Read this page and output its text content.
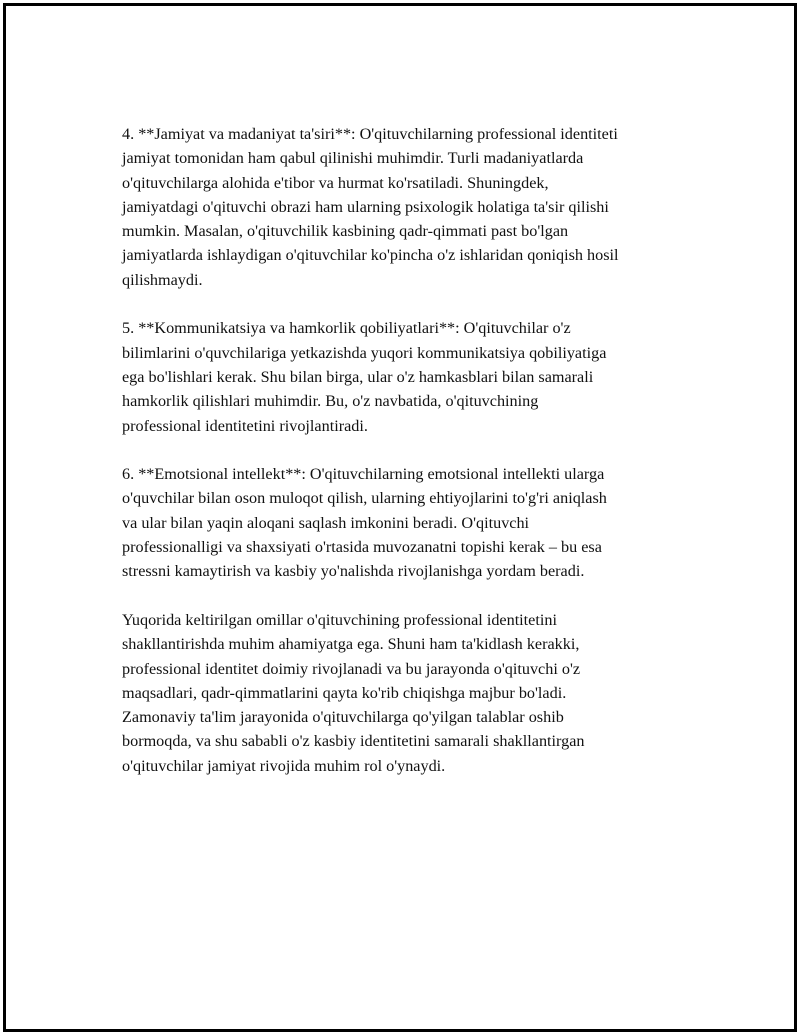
4. **Jamiyat va madaniyat ta'siri**: O'qituvchilarning professional identiteti
jamiyat tomonidan ham qabul qilinishi muhimdir. Turli madaniyatlarda
o'qituvchilarga alohida e'tibor va hurmat ko'rsatiladi. Shuningdek,
jamiyatdagi o'qituvchi obrazi ham ularning psixologik holatiga ta'sir qilishi
mumkin. Masalan, o'qituvchilik kasbining qadr-qimmati past bo'lgan
jamiyatlarda ishlaydigan o'qituvchilar ko'pincha o'z ishlaridan qoniqish hosil
qilishmaydi.

5. **Kommunikatsiya va hamkorlik qobiliyatlari**: O'qituvchilar o'z
bilimlarini o'quvchilariga yetkazishda yuqori kommunikatsiya qobiliyatiga
ega bo'lishlari kerak. Shu bilan birga, ular o'z hamkasblari bilan samarali
hamkorlik qilishlari muhimdir. Bu, o'z navbatida, o'qituvchining
professional identitetini rivojlantiradi.

6. **Emotsional intellekt**: O'qituvchilarning emotsional intellekti ularga
o'quvchilar bilan oson muloqot qilish, ularning ehtiyojlarini to'g'ri aniqlash
va ular bilan yaqin aloqani saqlash imkonini beradi. O'qituvchi
professionalligi va shaxsiyati o'rtasida muvozanatni topishi kerak – bu esa
stressni kamaytirish va kasbiy yo'nalishda rivojlanishga yordam beradi.

Yuqorida keltirilgan omillar o'qituvchining professional identitetini
shakllantirishda muhim ahamiyatga ega. Shuni ham ta'kidlash kerakki,
professional identitet doimiy rivojlanadi va bu jarayonda o'qituvchi o'z
maqsadlari, qadr-qimmatlarini qayta ko'rib chiqishga majbur bo'ladi.
Zamonaviy ta'lim jarayonida o'qituvchilarga qo'yilgan talablar oshib
bormoqda, va shu sababli o'z kasbiy identitetini samarali shakllantirgan
o'qituvchilar jamiyat rivojida muhim rol o'ynaydi.
